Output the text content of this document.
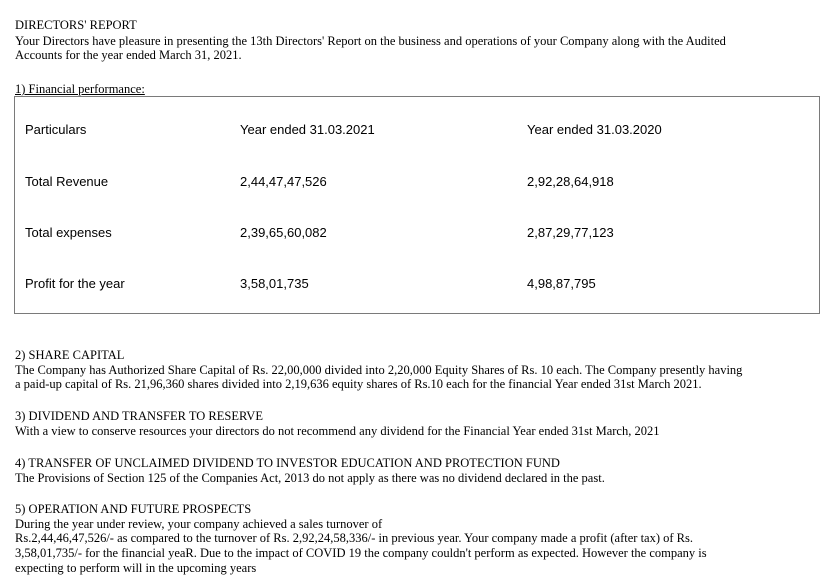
DIRECTORS' REPORT
Your Directors have pleasure in presenting the 13th Directors' Report on the business and operations of your Company along with the Audited
Accounts for the year ended March 31, 2021.
1) Financial performance:
Particulars	Year ended 31.03.2021	Year ended 31.03.2020
Total Revenue	2,44,47,47,526	2,92,28,64,918
Total expenses	2,39,65,60,082	2,87,29,77,123
Profit for the year	3,58,01,735	4,98,87,795
2) SHARE CAPITAL
The Company has Authorized Share Capital of Rs. 22,00,000 divided into 2,20,000 Equity Shares of Rs. 10 each. The Company presently having
a paid-up capital of Rs. 21,96,360 shares divided into 2,19,636 equity shares of Rs.10 each for the financial Year ended 31st March 2021.
3) DIVIDEND AND TRANSFER TO RESERVE
With a view to conserve resources your directors do not recommend any dividend for the Financial Year ended 31st March, 2021
4) TRANSFER OF UNCLAIMED DIVIDEND TO INVESTOR EDUCATION AND PROTECTION FUND
The Provisions of Section 125 of the Companies Act, 2013 do not apply as there was no dividend declared in the past.
5) OPERATION AND FUTURE PROSPECTS
During the year under review, your company achieved a sales turnover of
Rs.2,44,46,47,526/- as compared to the turnover of Rs. 2,92,24,58,336/- in previous year. Your company made a profit (after tax) of Rs.
3,58,01,735/- for the financial yeaR. Due to the impact of COVID 19 the company couldn't perform as expected. However the company is
expecting to perform will in the upcoming years
